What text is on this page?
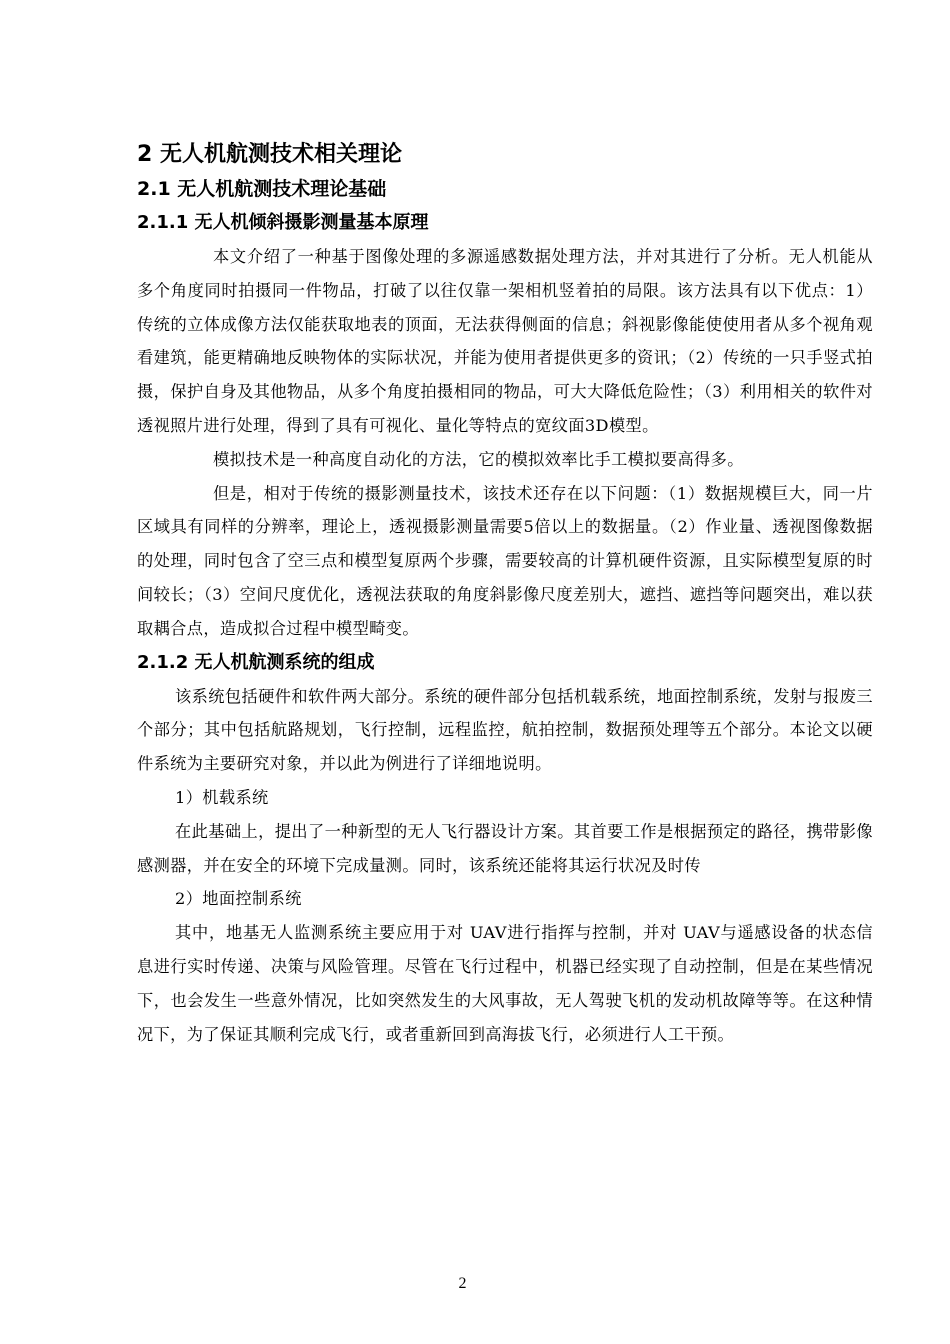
2 无人机航测技术相关理论
2.1 无人机航测技术理论基础
2.1.1 无人机倾斜摄影测量基本原理

本文介绍了一种基于图像处理的多源遥感数据处理方法，并对其进行了分析。无人机能从多个角度同时拍摄同一件物品，打破了以往仅靠一架相机竖着拍的局限。该方法具有以下优点：1）传统的立体成像方法仅能获取地表的顶面，无法获得侧面的信息；斜视影像能使使用者从多个视角观看建筑，能更精确地反映物体的实际状况，并能为使用者提供更多的资讯；（2）传统的一只手竖式拍摄，保护自身及其他物品，从多个角度拍摄相同的物品，可大大降低危险性；（3）利用相关的软件对透视照片进行处理，得到了具有可视化、量化等特点的宽纹面3D模型。

模拟技术是一种高度自动化的方法，它的模拟效率比手工模拟要高得多。

但是，相对于传统的摄影测量技术，该技术还存在以下问题：（1）数据规模巨大，同一片区域具有同样的分辨率，理论上，透视摄影测量需要5倍以上的数据量。（2）作业量、透视图像数据的处理，同时包含了空三点和模型复原两个步骤，需要较高的计算机硬件资源，且实际模型复原的时间较长；（3）空间尺度优化，透视法获取的角度斜影像尺度差别大，遮挡、遮挡等问题突出，难以获取耦合点，造成拟合过程中模型畸变。

2.1.2 无人机航测系统的组成

该系统包括硬件和软件两大部分。系统的硬件部分包括机载系统，地面控制系统，发射与报废三个部分；其中包括航路规划，飞行控制，远程监控，航拍控制，数据预处理等五个部分。本论文以硬件系统为主要研究对象，并以此为例进行了详细地说明。

1）机载系统

在此基础上，提出了一种新型的无人飞行器设计方案。其首要工作是根据预定的路径，携带影像感测器，并在安全的环境下完成量测。同时，该系统还能将其运行状况及时传

2）地面控制系统

其中，地基无人监测系统主要应用于对 UAV进行指挥与控制，并对 UAV与遥感设备的状态信息进行实时传递、决策与风险管理。尽管在飞行过程中，机器已经实现了自动控制，但是在某些情况下，也会发生一些意外情况，比如突然发生的大风事故，无人驾驶飞机的发动机故障等等。在这种情况下，为了保证其顺利完成飞行，或者重新回到高海拔飞行，必须进行人工干预。

2
